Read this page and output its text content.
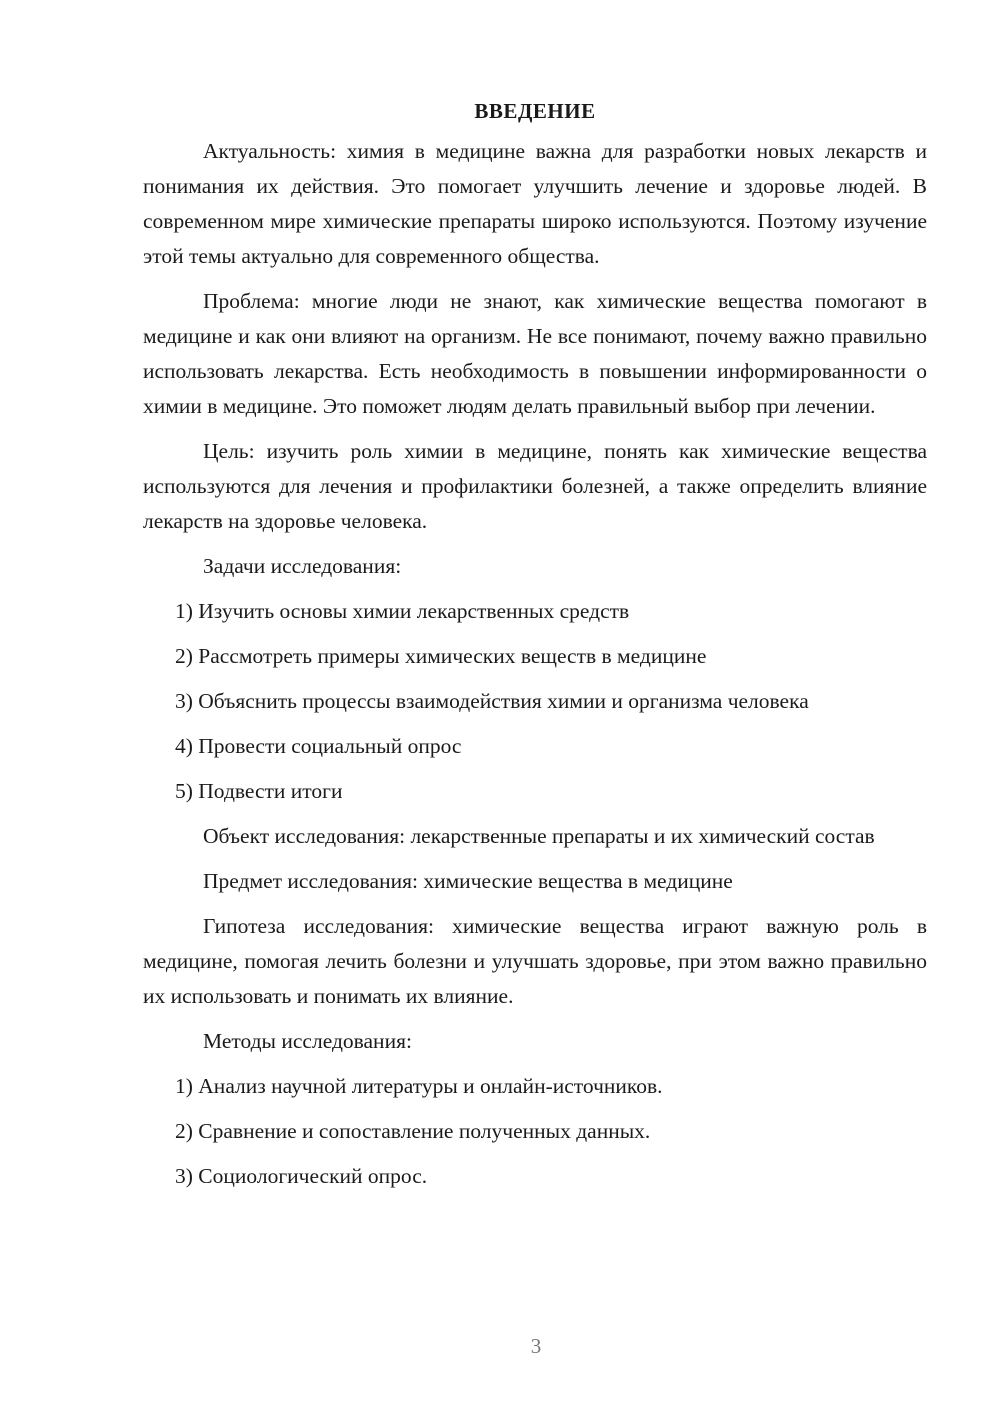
ВВЕДЕНИЕ

Актуальность: химия в медицине важна для разработки новых лекарств и понимания их действия. Это помогает улучшить лечение и здоровье людей. В современном мире химические препараты широко используются. Поэтому изучение этой темы актуально для современного общества.

Проблема: многие люди не знают, как химические вещества помогают в медицине и как они влияют на организм. Не все понимают, почему важно правильно использовать лекарства. Есть необходимость в повышении информированности о химии в медицине. Это поможет людям делать правильный выбор при лечении.

Цель: изучить роль химии в медицине, понять как химические вещества используются для лечения и профилактики болезней, а также определить влияние лекарств на здоровье человека.

Задачи исследования:

1) Изучить основы химии лекарственных средств
2) Рассмотреть примеры химических веществ в медицине
3) Объяснить процессы взаимодействия химии и организма человека
4) Провести социальный опрос
5) Подвести итоги

Объект исследования: лекарственные препараты и их химический состав

Предмет исследования: химические вещества в медицине

Гипотеза исследования: химические вещества играют важную роль в медицине, помогая лечить болезни и улучшать здоровье, при этом важно правильно их использовать и понимать их влияние.

Методы исследования:

1) Анализ научной литературы и онлайн-источников.
2) Сравнение и сопоставление полученных данных.
3) Социологический опрос.
3
